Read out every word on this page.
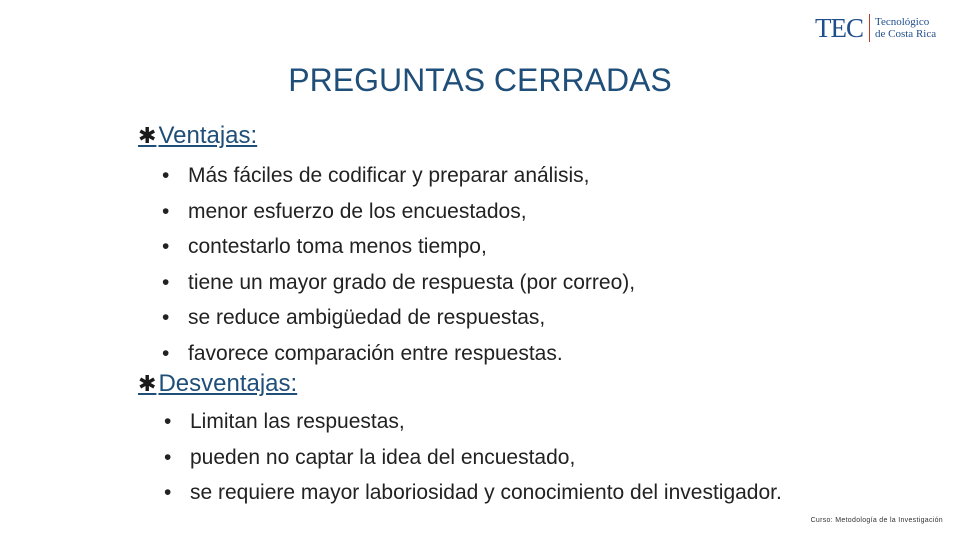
TEC Tecnológico
de Costa Rica
PREGUNTAS CERRADAS
✱ Ventajas:
• Más fáciles de codificar y preparar análisis,
• menor esfuerzo de los encuestados,
• contestarlo toma menos tiempo,
• tiene un mayor grado de respuesta (por correo),
• se reduce ambigüedad de respuestas,
• favorece comparación entre respuestas.
✱ Desventajas:
• Limitan las respuestas,
• pueden no captar la idea del encuestado,
• se requiere mayor laboriosidad y conocimiento del investigador.
Curso: Metodología de la Investigación
